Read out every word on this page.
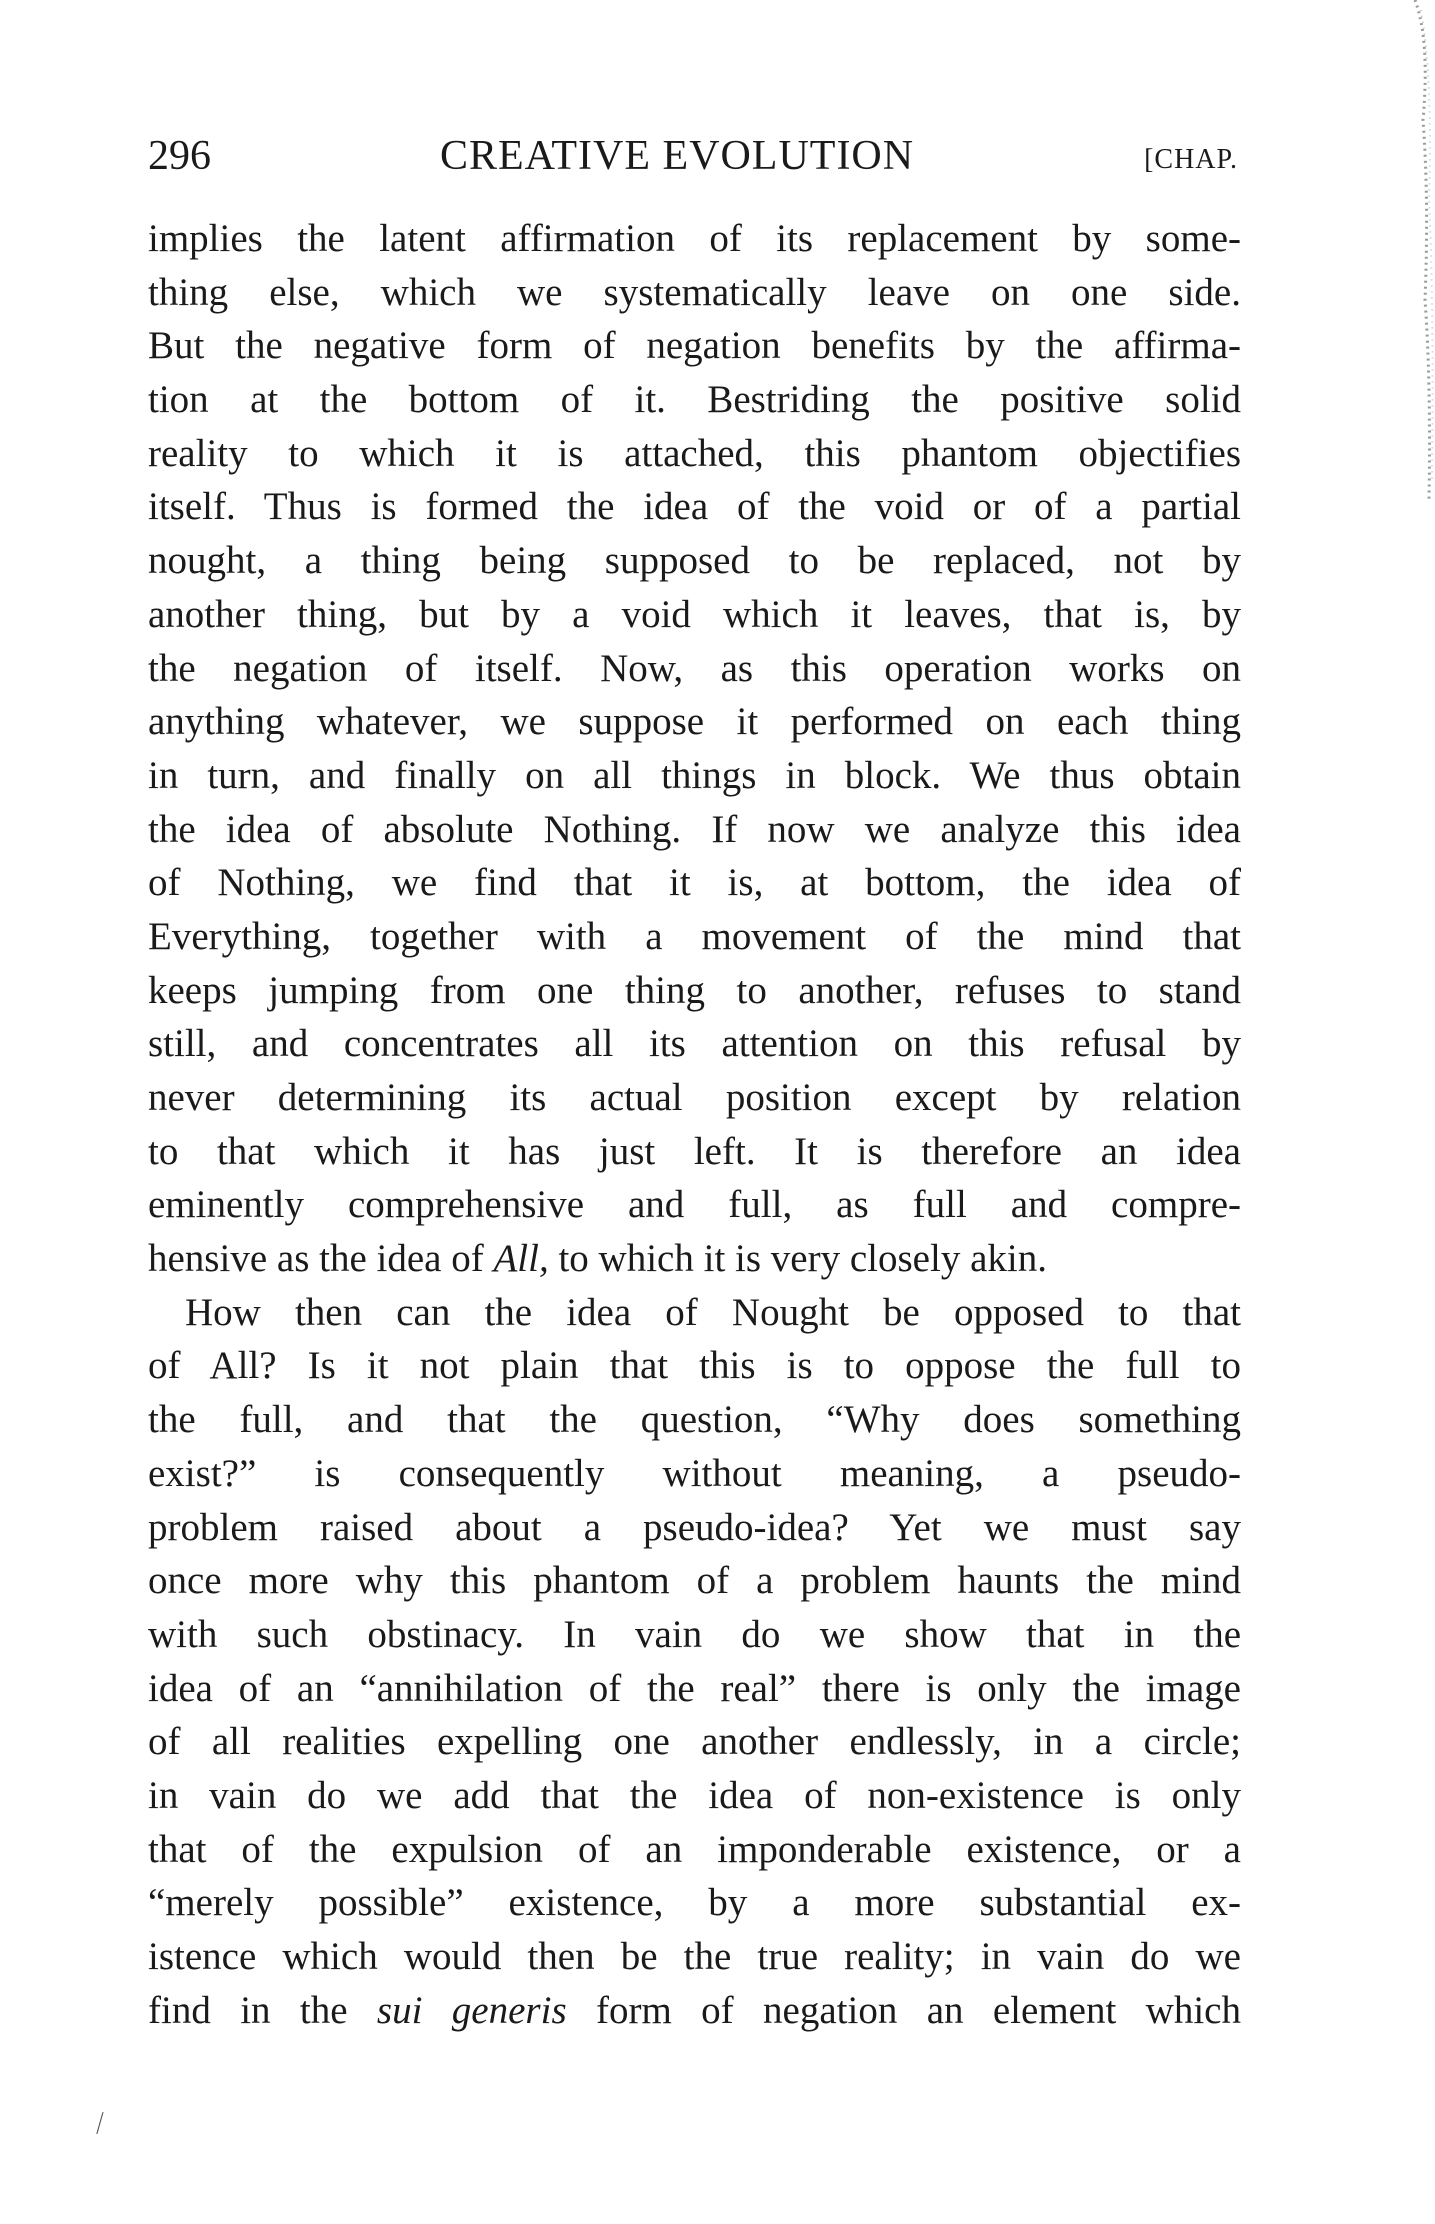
296	CREATIVE EVOLUTION	[CHAP.
implies the latent affirmation of its replacement by some-
thing else, which we systematically leave on one side.
But the negative form of negation benefits by the affirma-
tion at the bottom of it. Bestriding the positive solid
reality to which it is attached, this phantom objectifies
itself. Thus is formed the idea of the void or of a partial
nought, a thing being supposed to be replaced, not by
another thing, but by a void which it leaves, that is, by
the negation of itself. Now, as this operation works on
anything whatever, we suppose it performed on each thing
in turn, and finally on all things in block. We thus obtain
the idea of absolute Nothing. If now we analyze this idea
of Nothing, we find that it is, at bottom, the idea of
Everything, together with a movement of the mind that
keeps jumping from one thing to another, refuses to stand
still, and concentrates all its attention on this refusal by
never determining its actual position except by relation
to that which it has just left. It is therefore an idea
eminently comprehensive and full, as full and compre-
hensive as the idea of All, to which it is very closely akin.
How then can the idea of Nought be opposed to that
of All? Is it not plain that this is to oppose the full to
the full, and that the question, “Why does something
exist?” is consequently without meaning, a pseudo-
problem raised about a pseudo-idea? Yet we must say
once more why this phantom of a problem haunts the mind
with such obstinacy. In vain do we show that in the
idea of an “annihilation of the real” there is only the image
of all realities expelling one another endlessly, in a circle;
in vain do we add that the idea of non-existence is only
that of the expulsion of an imponderable existence, or a
“merely possible” existence, by a more substantial ex-
istence which would then be the true reality; in vain do we
find in the sui generis form of negation an element which
⁄
